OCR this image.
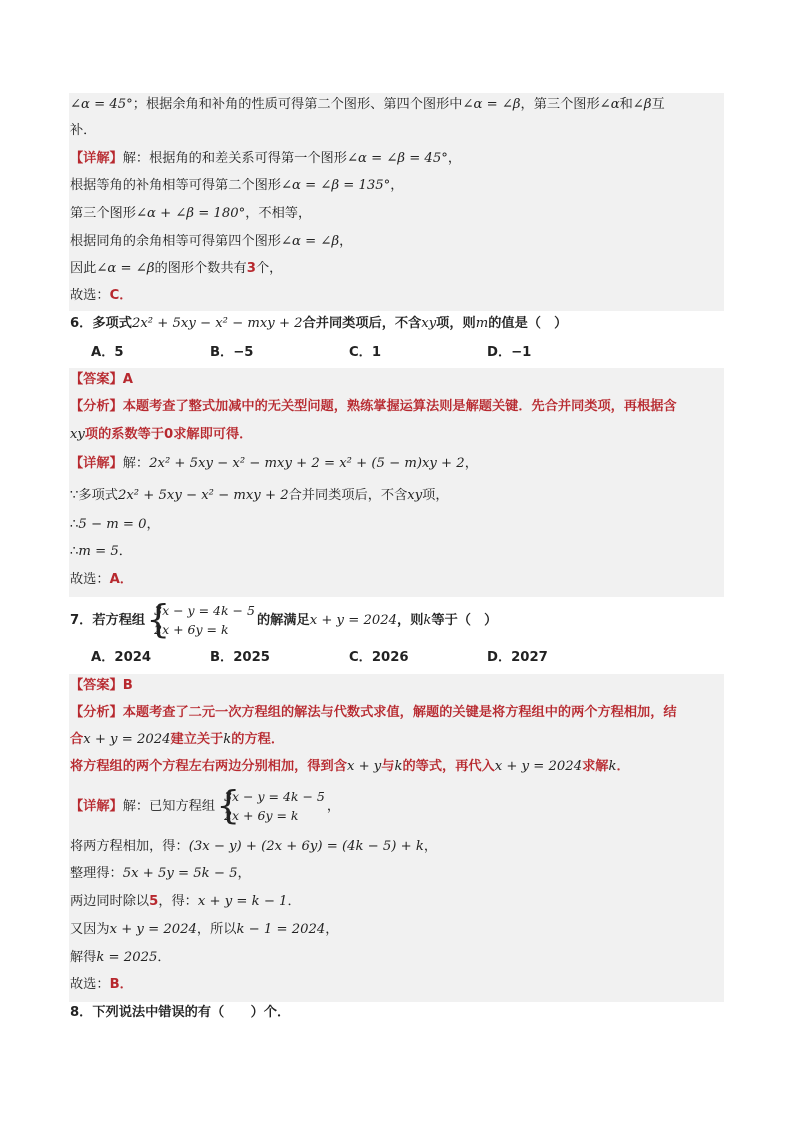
∠α = 45°；根据余角和补角的性质可得第二个图形、第四个图形中∠α = ∠β，第三个图形∠α和∠β互
补．
【详解】解：根据角的和差关系可得第一个图形∠α = ∠β = 45°，
根据等角的补角相等可得第二个图形∠α = ∠β = 135°，
第三个图形∠α + ∠β = 180°，不相等，
根据同角的余角相等可得第四个图形∠α = ∠β，
因此∠α = ∠β的图形个数共有3个，
故选：C．
6．多项式2x² + 5xy − x² − mxy + 2合并同类项后，不含xy项，则m的值是（　）
A．5	B．−5	C．1	D．−1
【答案】A
【分析】本题考查了整式加减中的无关型问题，熟练掌握运算法则是解题关键．先合并同类项，再根据含
xy项的系数等于0求解即可得．
【详解】解：2x² + 5xy − x² − mxy + 2 = x² + (5 − m)xy + 2，
∵多项式2x² + 5xy − x² − mxy + 2合并同类项后，不含xy项，
∴5 − m = 0，
∴m = 5．
故选：A．
7．若方程组 {
3x − y = 4k − 5
2x + 6y = k
的解满足x + y = 2024，则k等于（　）
A．2024	B．2025	C．2026	D．2027
【答案】B
【分析】本题考查了二元一次方程组的解法与代数式求值，解题的关键是将方程组中的两个方程相加，结
合x + y = 2024建立关于k的方程．
将方程组的两个方程左右两边分别相加，得到含x + y与k的等式，再代入x + y = 2024求解k．
【详解】解：已知方程组 {
3x − y = 4k − 5
2x + 6y = k
，
将两方程相加，得：(3x − y) + (2x + 6y) = (4k − 5) + k，
整理得：5x + 5y = 5k − 5，
两边同时除以5，得：x + y = k − 1．
又因为x + y = 2024，所以k − 1 = 2024，
解得k = 2025．
故选：B．
8．下列说法中错误的有（　　）个．
